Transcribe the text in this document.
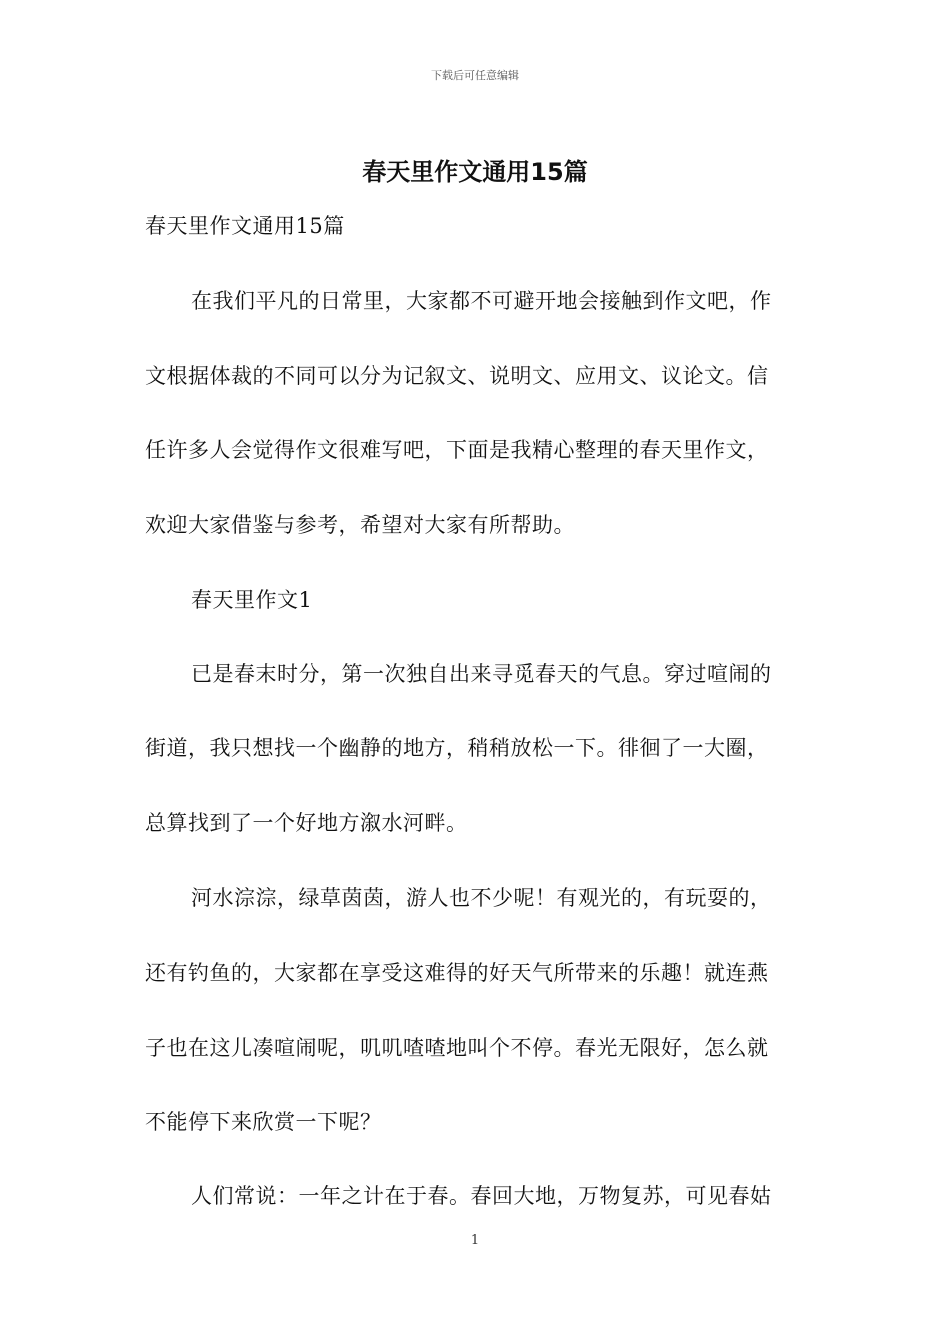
下载后可任意编辑
春天里作文通用15篇
春天里作文通用15篇
在我们平凡的日常里，大家都不可避开地会接触到作文吧，作
文根据体裁的不同可以分为记叙文、说明文、应用文、议论文。信
任许多人会觉得作文很难写吧，下面是我精心整理的春天里作文，
欢迎大家借鉴与参考，希望对大家有所帮助。
春天里作文1
已是春末时分，第一次独自出来寻觅春天的气息。穿过喧闹的
街道，我只想找一个幽静的地方，稍稍放松一下。徘徊了一大圈，
总算找到了一个好地方溆水河畔。
河水淙淙，绿草茵茵，游人也不少呢！有观光的，有玩耍的，
还有钓鱼的，大家都在享受这难得的好天气所带来的乐趣！就连燕
子也在这儿凑喧闹呢，叽叽喳喳地叫个不停。春光无限好，怎么就
不能停下来欣赏一下呢？
人们常说：一年之计在于春。春回大地，万物复苏，可见春姑
1
